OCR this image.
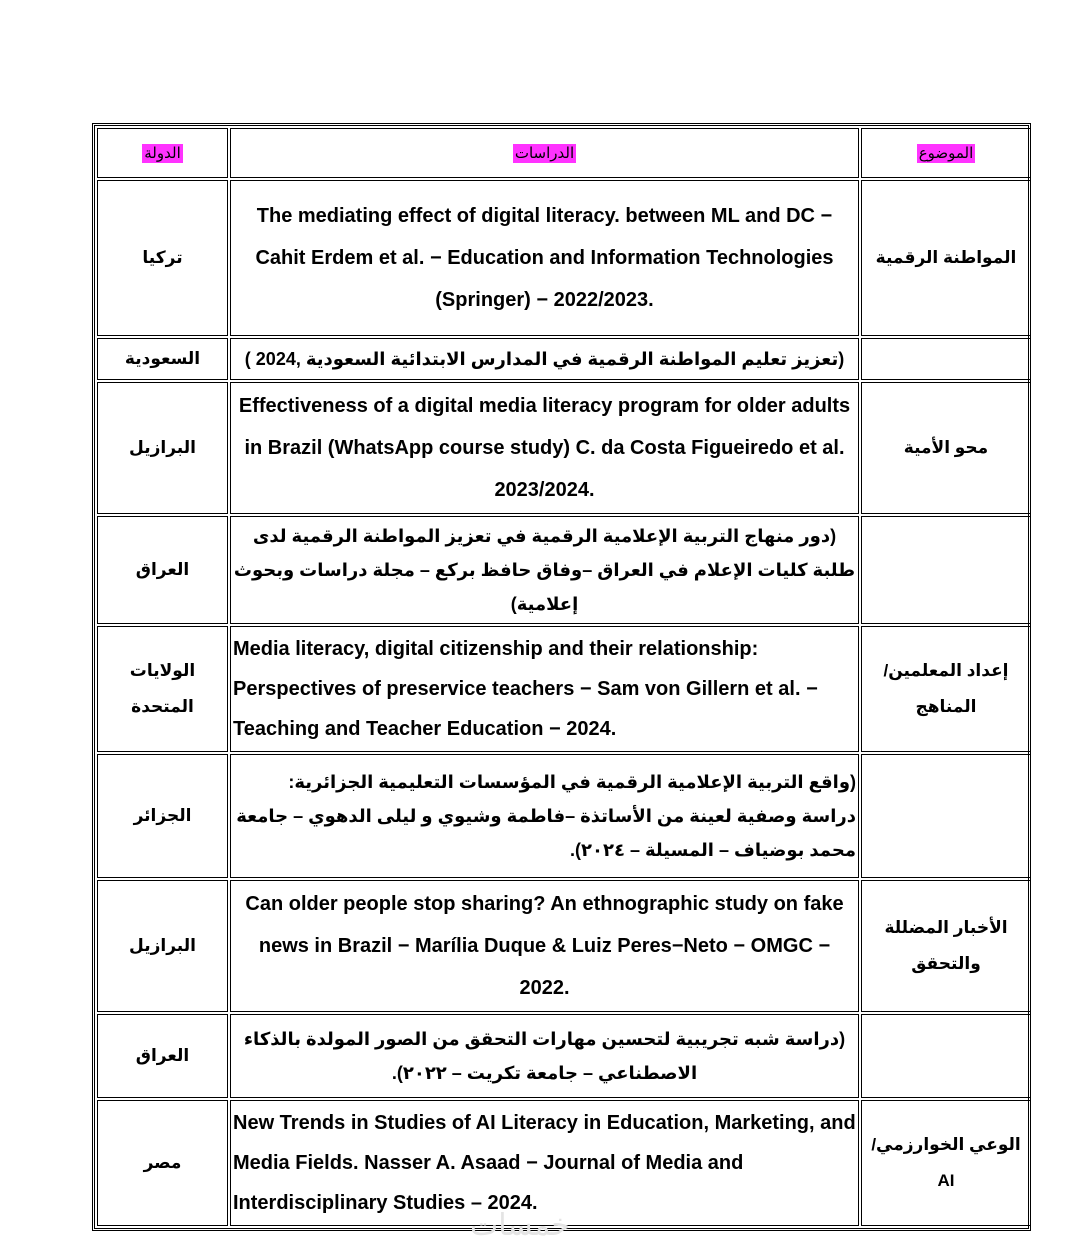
الدولة	الدراسات	الموضوع
تركيا	The mediating effect of digital literacy. between ML and DC − Cahit Erdem et al. − Education and Information Technologies (Springer) − 2022/2023.	المواطنة الرقمية
السعودية	(تعزيز تعليم المواطنة الرقمية في المدارس الابتدائية السعودية ,2024 )	
البرازيل	Effectiveness of a digital media literacy program for older adults in Brazil (WhatsApp course study) C. da Costa Figueiredo et al. 2023/2024.	محو الأمية
العراق	(دور منهاج التربية الإعلامية الرقمية في تعزيز المواطنة الرقمية لدى طلبة كليات الإعلام في العراق –وفاق حافظ بركع – مجلة دراسات وبحوث إعلامية)	
الولايات المتحدة	Media literacy, digital citizenship and their relationship: Perspectives of preservice teachers − Sam von Gillern et al. − Teaching and Teacher Education − 2024.	إعداد المعلمين/المناهج
الجزائر	(واقع التربية الإعلامية الرقمية في المؤسسات التعليمية الجزائرية: دراسة وصفية لعينة من الأساتذة –فاطمة وشيوي و ليلى الدهوي – جامعة محمد بوضياف – المسيلة – ٢٠٢٤).	
البرازيل	Can older people stop sharing? An ethnographic study on fake news in Brazil − Marília Duque & Luiz Peres−Neto − OMGC − 2022.	الأخبار المضللة والتحقق
العراق	(دراسة شبه تجريبية لتحسين مهارات التحقق من الصور المولدة بالذكاء الاصطناعي – جامعة تكريت – ٢٠٢٢).	
مصر	New Trends in Studies of AI Literacy in Education, Marketing, and Media Fields. Nasser A. Asaad − Journal of Media and Interdisciplinary Studies – 2024.	الوعي الخوارزمي/ AI
خمسات
